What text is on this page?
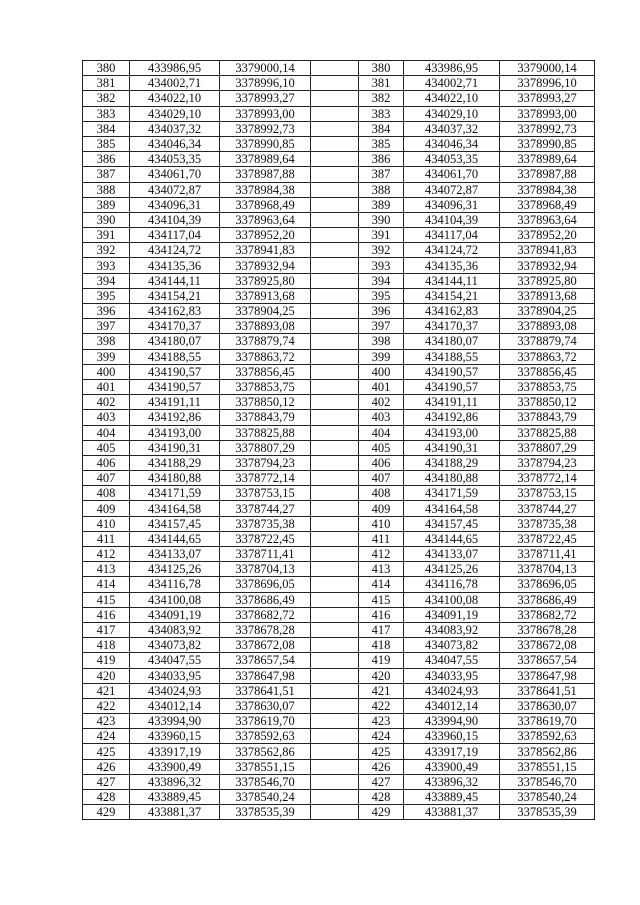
380	433986,95	3379000,14		380	433986,95	3379000,14
381	434002,71	3378996,10		381	434002,71	3378996,10
382	434022,10	3378993,27		382	434022,10	3378993,27
383	434029,10	3378993,00		383	434029,10	3378993,00
384	434037,32	3378992,73		384	434037,32	3378992,73
385	434046,34	3378990,85		385	434046,34	3378990,85
386	434053,35	3378989,64		386	434053,35	3378989,64
387	434061,70	3378987,88		387	434061,70	3378987,88
388	434072,87	3378984,38		388	434072,87	3378984,38
389	434096,31	3378968,49		389	434096,31	3378968,49
390	434104,39	3378963,64		390	434104,39	3378963,64
391	434117,04	3378952,20		391	434117,04	3378952,20
392	434124,72	3378941,83		392	434124,72	3378941,83
393	434135,36	3378932,94		393	434135,36	3378932,94
394	434144,11	3378925,80		394	434144,11	3378925,80
395	434154,21	3378913,68		395	434154,21	3378913,68
396	434162,83	3378904,25		396	434162,83	3378904,25
397	434170,37	3378893,08		397	434170,37	3378893,08
398	434180,07	3378879,74		398	434180,07	3378879,74
399	434188,55	3378863,72		399	434188,55	3378863,72
400	434190,57	3378856,45		400	434190,57	3378856,45
401	434190,57	3378853,75		401	434190,57	3378853,75
402	434191,11	3378850,12		402	434191,11	3378850,12
403	434192,86	3378843,79		403	434192,86	3378843,79
404	434193,00	3378825,88		404	434193,00	3378825,88
405	434190,31	3378807,29		405	434190,31	3378807,29
406	434188,29	3378794,23		406	434188,29	3378794,23
407	434180,88	3378772,14		407	434180,88	3378772,14
408	434171,59	3378753,15		408	434171,59	3378753,15
409	434164,58	3378744,27		409	434164,58	3378744,27
410	434157,45	3378735,38		410	434157,45	3378735,38
411	434144,65	3378722,45		411	434144,65	3378722,45
412	434133,07	3378711,41		412	434133,07	3378711,41
413	434125,26	3378704,13		413	434125,26	3378704,13
414	434116,78	3378696,05		414	434116,78	3378696,05
415	434100,08	3378686,49		415	434100,08	3378686,49
416	434091,19	3378682,72		416	434091,19	3378682,72
417	434083,92	3378678,28		417	434083,92	3378678,28
418	434073,82	3378672,08		418	434073,82	3378672,08
419	434047,55	3378657,54		419	434047,55	3378657,54
420	434033,95	3378647,98		420	434033,95	3378647,98
421	434024,93	3378641,51		421	434024,93	3378641,51
422	434012,14	3378630,07		422	434012,14	3378630,07
423	433994,90	3378619,70		423	433994,90	3378619,70
424	433960,15	3378592,63		424	433960,15	3378592,63
425	433917,19	3378562,86		425	433917,19	3378562,86
426	433900,49	3378551,15		426	433900,49	3378551,15
427	433896,32	3378546,70		427	433896,32	3378546,70
428	433889,45	3378540,24		428	433889,45	3378540,24
429	433881,37	3378535,39		429	433881,37	3378535,39
